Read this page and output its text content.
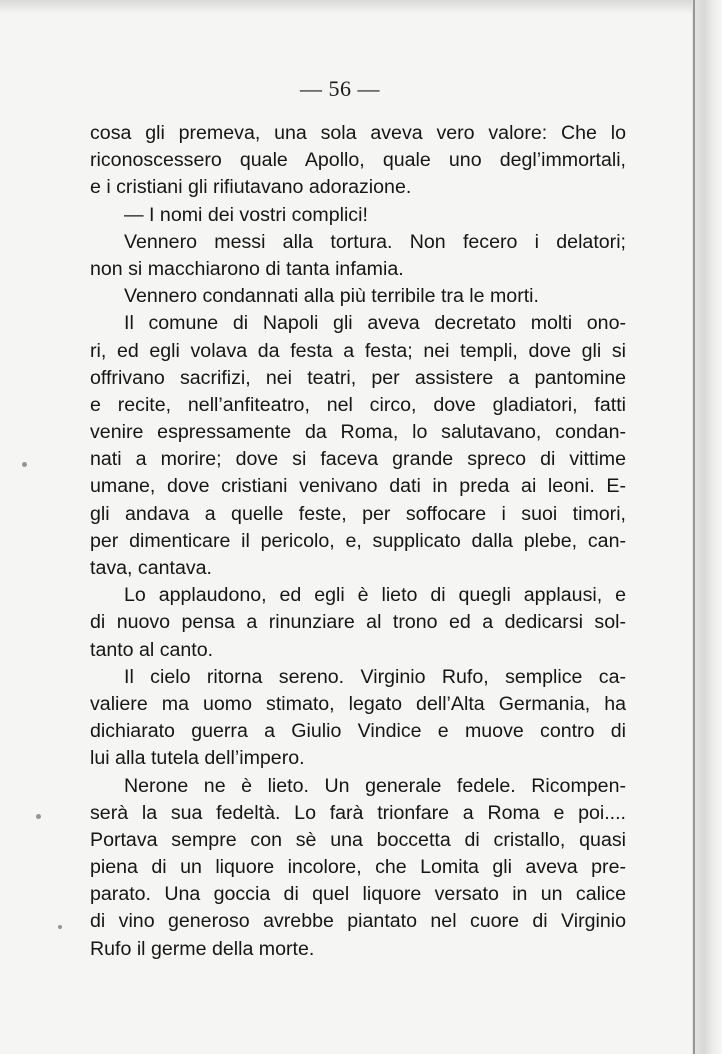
— 56 —
cosa gli premeva, una sola aveva vero valore: Che lo
riconoscessero quale Apollo, quale uno degl’immortali,
e i cristiani gli rifiutavano adorazione.
— I nomi dei vostri complici!
Vennero messi alla tortura. Non fecero i delatori;
non si macchiarono di tanta infamia.
Vennero condannati alla più terribile tra le morti.
Il comune di Napoli gli aveva decretato molti ono-
ri, ed egli volava da festa a festa; nei templi, dove gli si
offrivano sacrifizi, nei teatri, per assistere a pantomine
e recite, nell’anfiteatro, nel circo, dove gladiatori, fatti
venire espressamente da Roma, lo salutavano, condan-
nati a morire; dove si faceva grande spreco di vittime
umane, dove cristiani venivano dati in preda ai leoni. E-
gli andava a quelle feste, per soffocare i suoi timori,
per dimenticare il pericolo, e, supplicato dalla plebe, can-
tava, cantava.
Lo applaudono, ed egli è lieto di quegli applausi, e
di nuovo pensa a rinunziare al trono ed a dedicarsi sol-
tanto al canto.
Il cielo ritorna sereno. Virginio Rufo, semplice ca-
valiere ma uomo stimato, legato dell’Alta Germania, ha
dichiarato guerra a Giulio Vindice e muove contro di
lui alla tutela dell’impero.
Nerone ne è lieto. Un generale fedele. Ricompen-
serà la sua fedeltà. Lo farà trionfare a Roma e poi....
Portava sempre con sè una boccetta di cristallo, quasi
piena di un liquore incolore, che Lomita gli aveva pre-
parato. Una goccia di quel liquore versato in un calice
di vino generoso avrebbe piantato nel cuore di Virginio
Rufo il germe della morte.
